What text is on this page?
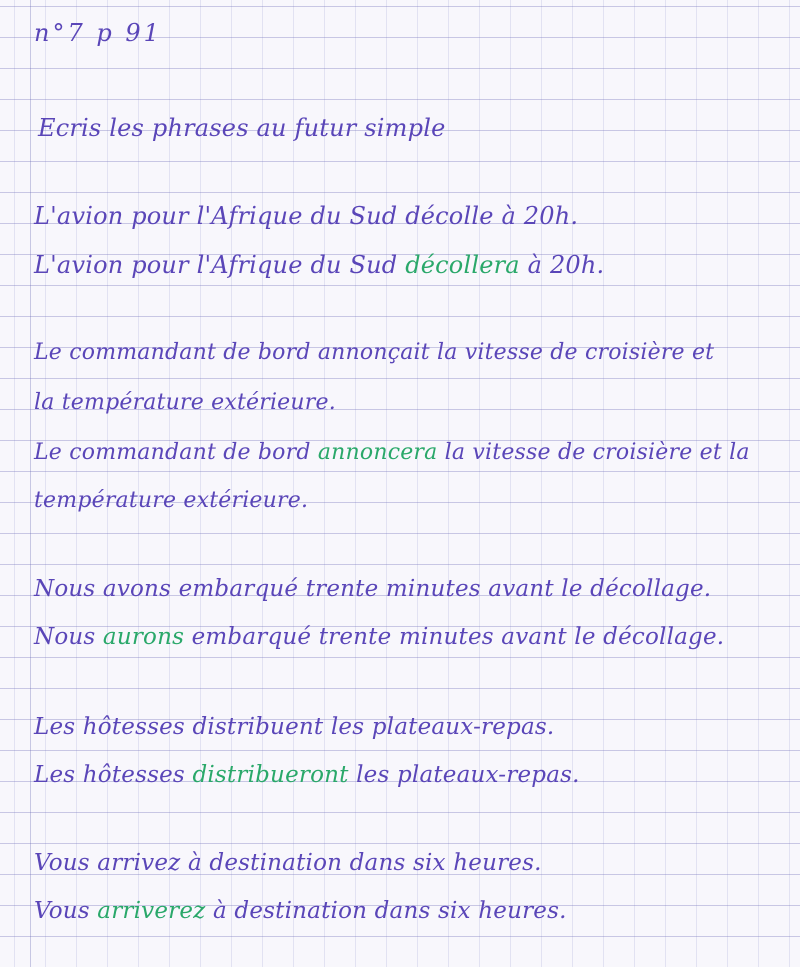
n°7 p 91
Ecris les phrases au futur simple
L'avion pour l'Afrique du Sud décolle à 20h.
L'avion pour l'Afrique du Sud décollera à 20h.
Le commandant de bord annonçait la vitesse de croisière et
la température extérieure.
Le commandant de bord annoncera la vitesse de croisière et la
température extérieure.
Nous avons embarqué trente minutes avant le décollage.
Nous aurons embarqué trente minutes avant le décollage.
Les hôtesses distribuent les plateaux-repas.
Les hôtesses distribueront les plateaux-repas.
Vous arrivez à destination dans six heures.
Vous arriverez à destination dans six heures.
